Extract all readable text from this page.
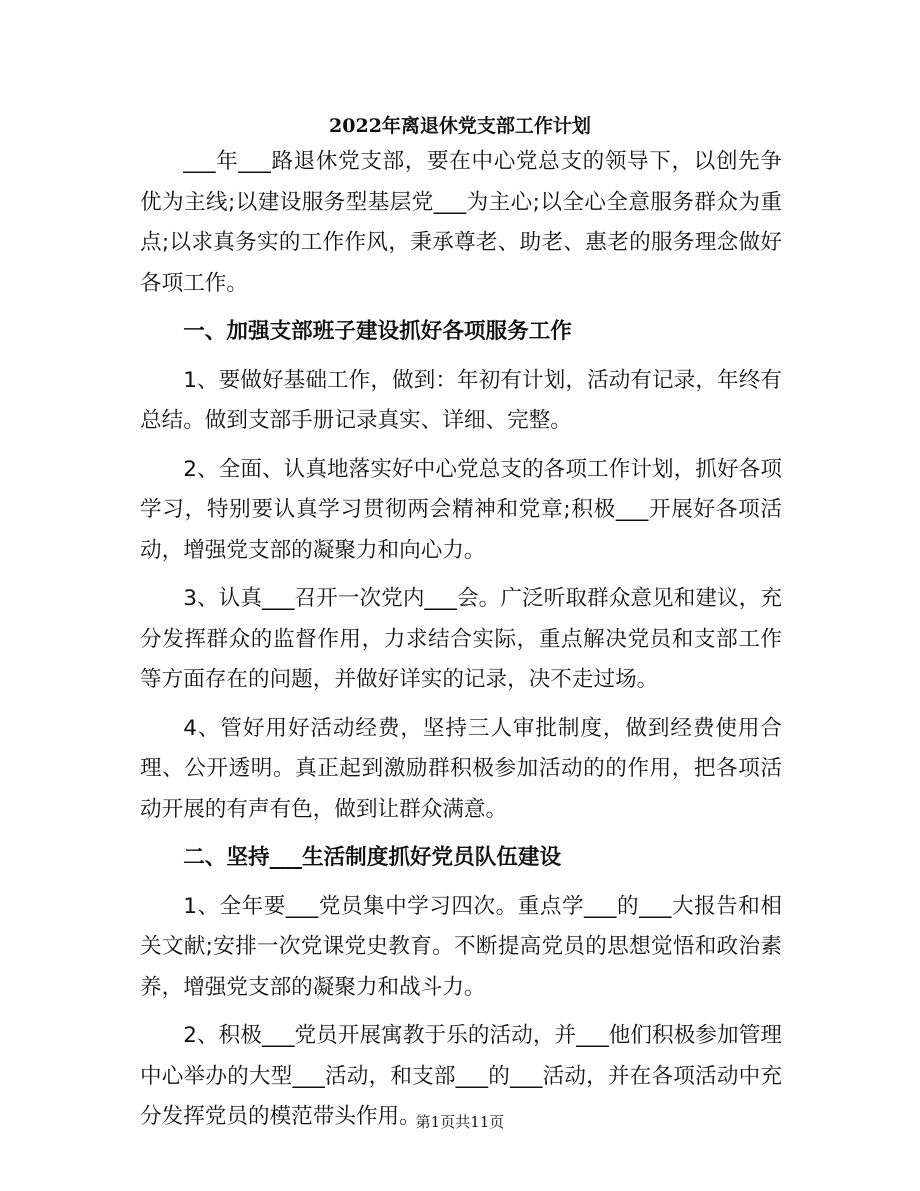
2022年离退休党支部工作计划

___年___路退休党支部，要在中心党总支的领导下，以创先争优为主线;以建设服务型基层党___为主心;以全心全意服务群众为重点;以求真务实的工作作风，秉承尊老、助老、惠老的服务理念做好各项工作。

一、加强支部班子建设抓好各项服务工作

1、要做好基础工作，做到：年初有计划，活动有记录，年终有总结。做到支部手册记录真实、详细、完整。

2、全面、认真地落实好中心党总支的各项工作计划，抓好各项学习，特别要认真学习贯彻两会精神和党章;积极___开展好各项活动，增强党支部的凝聚力和向心力。

3、认真___召开一次党内___会。广泛听取群众意见和建议，充分发挥群众的监督作用，力求结合实际，重点解决党员和支部工作等方面存在的问题，并做好详实的记录，决不走过场。

4、管好用好活动经费，坚持三人审批制度，做到经费使用合理、公开透明。真正起到激励群积极参加活动的的作用，把各项活动开展的有声有色，做到让群众满意。

二、坚持___生活制度抓好党员队伍建设

1、全年要___党员集中学习四次。重点学___的___大报告和相关文献;安排一次党课党史教育。不断提高党员的思想觉悟和政治素养，增强党支部的凝聚力和战斗力。

2、积极___党员开展寓教于乐的活动，并___他们积极参加管理中心举办的大型___活动，和支部___的___活动，并在各项活动中充分发挥党员的模范带头作用。

第1页共11页
